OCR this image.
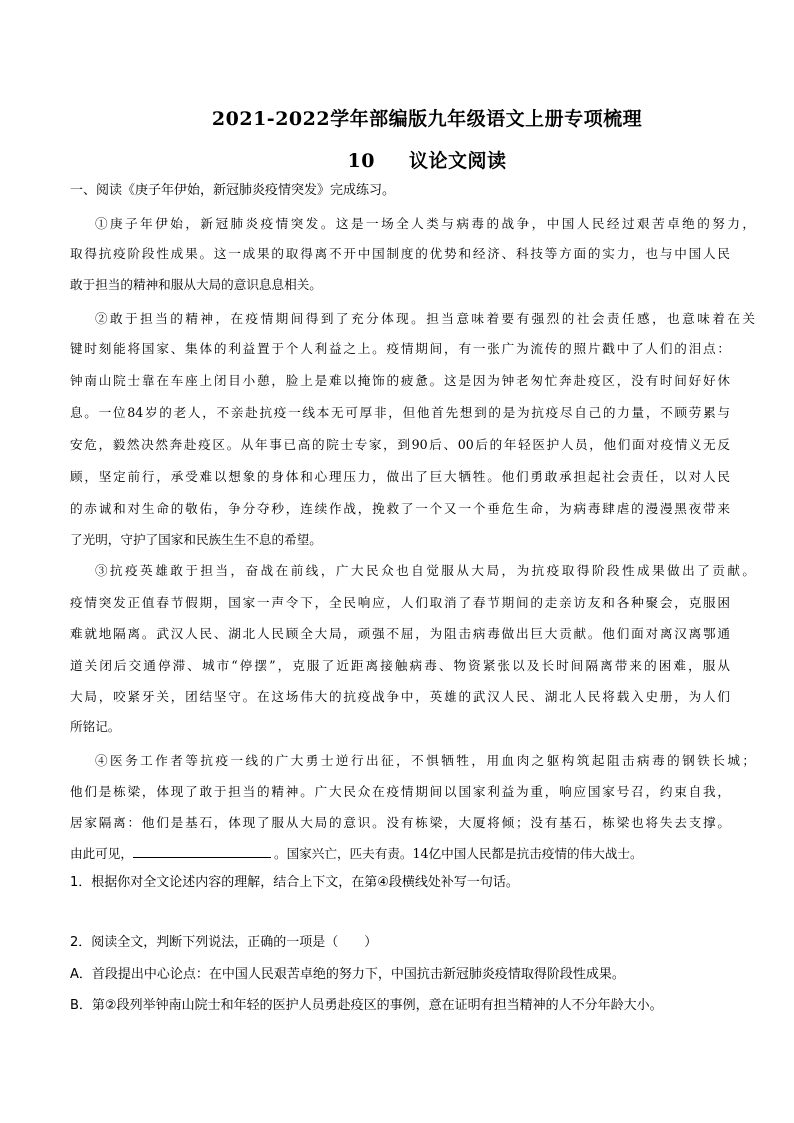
2021-2022学年部编版九年级语文上册专项梳理
10 议论文阅读
一、阅读《庚子年伊始，新冠肺炎疫情突发》完成练习。
①庚子年伊始，新冠肺炎疫情突发。这是一场全人类与病毒的战争，中国人民经过艰苦卓绝的努力，
取得抗疫阶段性成果。这一成果的取得离不开中国制度的优势和经济、科技等方面的实力，也与中国人民
敢于担当的精神和服从大局的意识息息相关。
②敢于担当的精神，在疫情期间得到了充分体现。担当意味着要有强烈的社会责任感，也意味着在关
键时刻能将国家、集体的利益置于个人利益之上。疫情期间，有一张广为流传的照片戳中了人们的泪点：
钟南山院士靠在车座上闭目小憩，脸上是难以掩饰的疲惫。这是因为钟老匆忙奔赴疫区，没有时间好好休
息。一位84岁的老人，不亲赴抗疫一线本无可厚非，但他首先想到的是为抗疫尽自己的力量，不顾劳累与
安危，毅然决然奔赴疫区。从年事已高的院士专家，到90后、00后的年轻医护人员，他们面对疫情义无反
顾，坚定前行，承受难以想象的身体和心理压力，做出了巨大牺牲。他们勇敢承担起社会责任，以对人民
的赤诚和对生命的敬佑，争分夺秒，连续作战，挽救了一个又一个垂危生命，为病毒肆虐的漫漫黑夜带来
了光明，守护了国家和民族生生不息的希望。
③抗疫英雄敢于担当，奋战在前线，广大民众也自觉服从大局，为抗疫取得阶段性成果做出了贡献。
疫情突发正值春节假期，国家一声令下，全民响应，人们取消了春节期间的走亲访友和各种聚会，克服困
难就地隔离。武汉人民、湖北人民顾全大局，顽强不屈，为阻击病毒做出巨大贡献。他们面对离汉离鄂通
道关闭后交通停滞、城市“停摆”，克服了近距离接触病毒、物资紧张以及长时间隔离带来的困难，服从
大局，咬紧牙关，团结坚守。在这场伟大的抗疫战争中，英雄的武汉人民、湖北人民将载入史册，为人们
所铭记。
④医务工作者等抗疫一线的广大勇士逆行出征，不惧牺牲，用血肉之躯构筑起阻击病毒的钢铁长城；
他们是栋梁，体现了敢于担当的精神。广大民众在疫情期间以国家利益为重，响应国家号召，约束自我，
居家隔离：他们是基石，体现了服从大局的意识。没有栋梁，大厦将倾；没有基石，栋梁也将失去支撑。
由此可见，	。国家兴亡，匹夫有责。14亿中国人民都是抗击疫情的伟大战士。
1．根据你对全文论述内容的理解，结合上下文，在第④段横线处补写一句话。
2．阅读全文，判断下列说法，正确的一项是（　　）
A．首段提出中心论点：在中国人民艰苦卓绝的努力下，中国抗击新冠肺炎疫情取得阶段性成果。
B．第②段列举钟南山院士和年轻的医护人员勇赴疫区的事例，意在证明有担当精神的人不分年龄大小。
